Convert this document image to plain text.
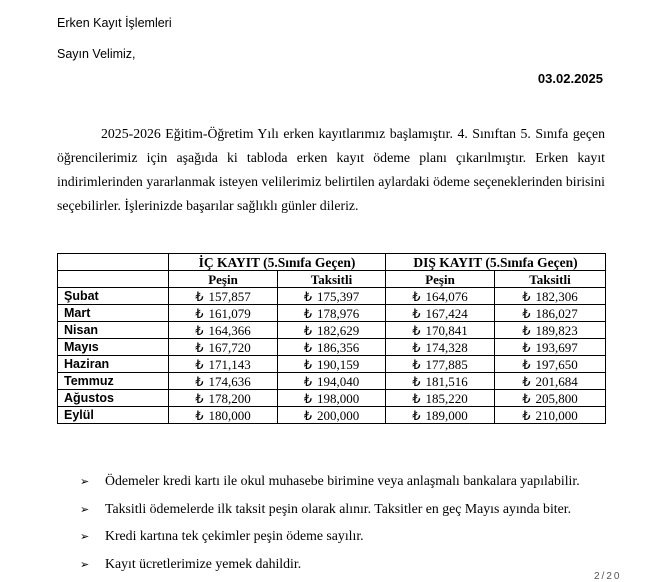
Erken Kayıt İşlemleri
Sayın Velimiz,
03.02.2025
2025-2026 Eğitim-Öğretim Yılı erken kayıtlarımız başlamıştır. 4. Sınıftan 5. Sınıfa geçen öğrencilerimiz için aşağıda ki tabloda erken kayıt ödeme planı çıkarılmıştır. Erken kayıt indirimlerinden yararlanmak isteyen velilerimiz belirtilen aylardaki ödeme seçeneklerinden birisini seçebilirler. İşlerinizde başarılar sağlıklı günler dileriz.
	İÇ KAYIT (5.Sınıfa Geçen)		DIŞ KAYIT (5.Sınıfa Geçen)	
	Peşin	Taksitli	Peşin	Taksitli
Şubat	₺ 157,857	₺ 175,397	₺ 164,076	₺ 182,306
Mart	₺ 161,079	₺ 178,976	₺ 167,424	₺ 186,027
Nisan	₺ 164,366	₺ 182,629	₺ 170,841	₺ 189,823
Mayıs	₺ 167,720	₺ 186,356	₺ 174,328	₺ 193,697
Haziran	₺ 171,143	₺ 190,159	₺ 177,885	₺ 197,650
Temmuz	₺ 174,636	₺ 194,040	₺ 181,516	₺ 201,684
Ağustos	₺ 178,200	₺ 198,000	₺ 185,220	₺ 205,800
Eylül	₺ 180,000	₺ 200,000	₺ 189,000	₺ 210,000
➢	Ödemeler kredi kartı ile okul muhasebe birimine veya anlaşmalı bankalara yapılabilir.
➢	Taksitli ödemelerde ilk taksit peşin olarak alınır. Taksitler en geç Mayıs ayında biter.
➢	Kredi kartına tek çekimler peşin ödeme sayılır.
➢	Kayıt ücretlerimize yemek dahildir.
2/20
